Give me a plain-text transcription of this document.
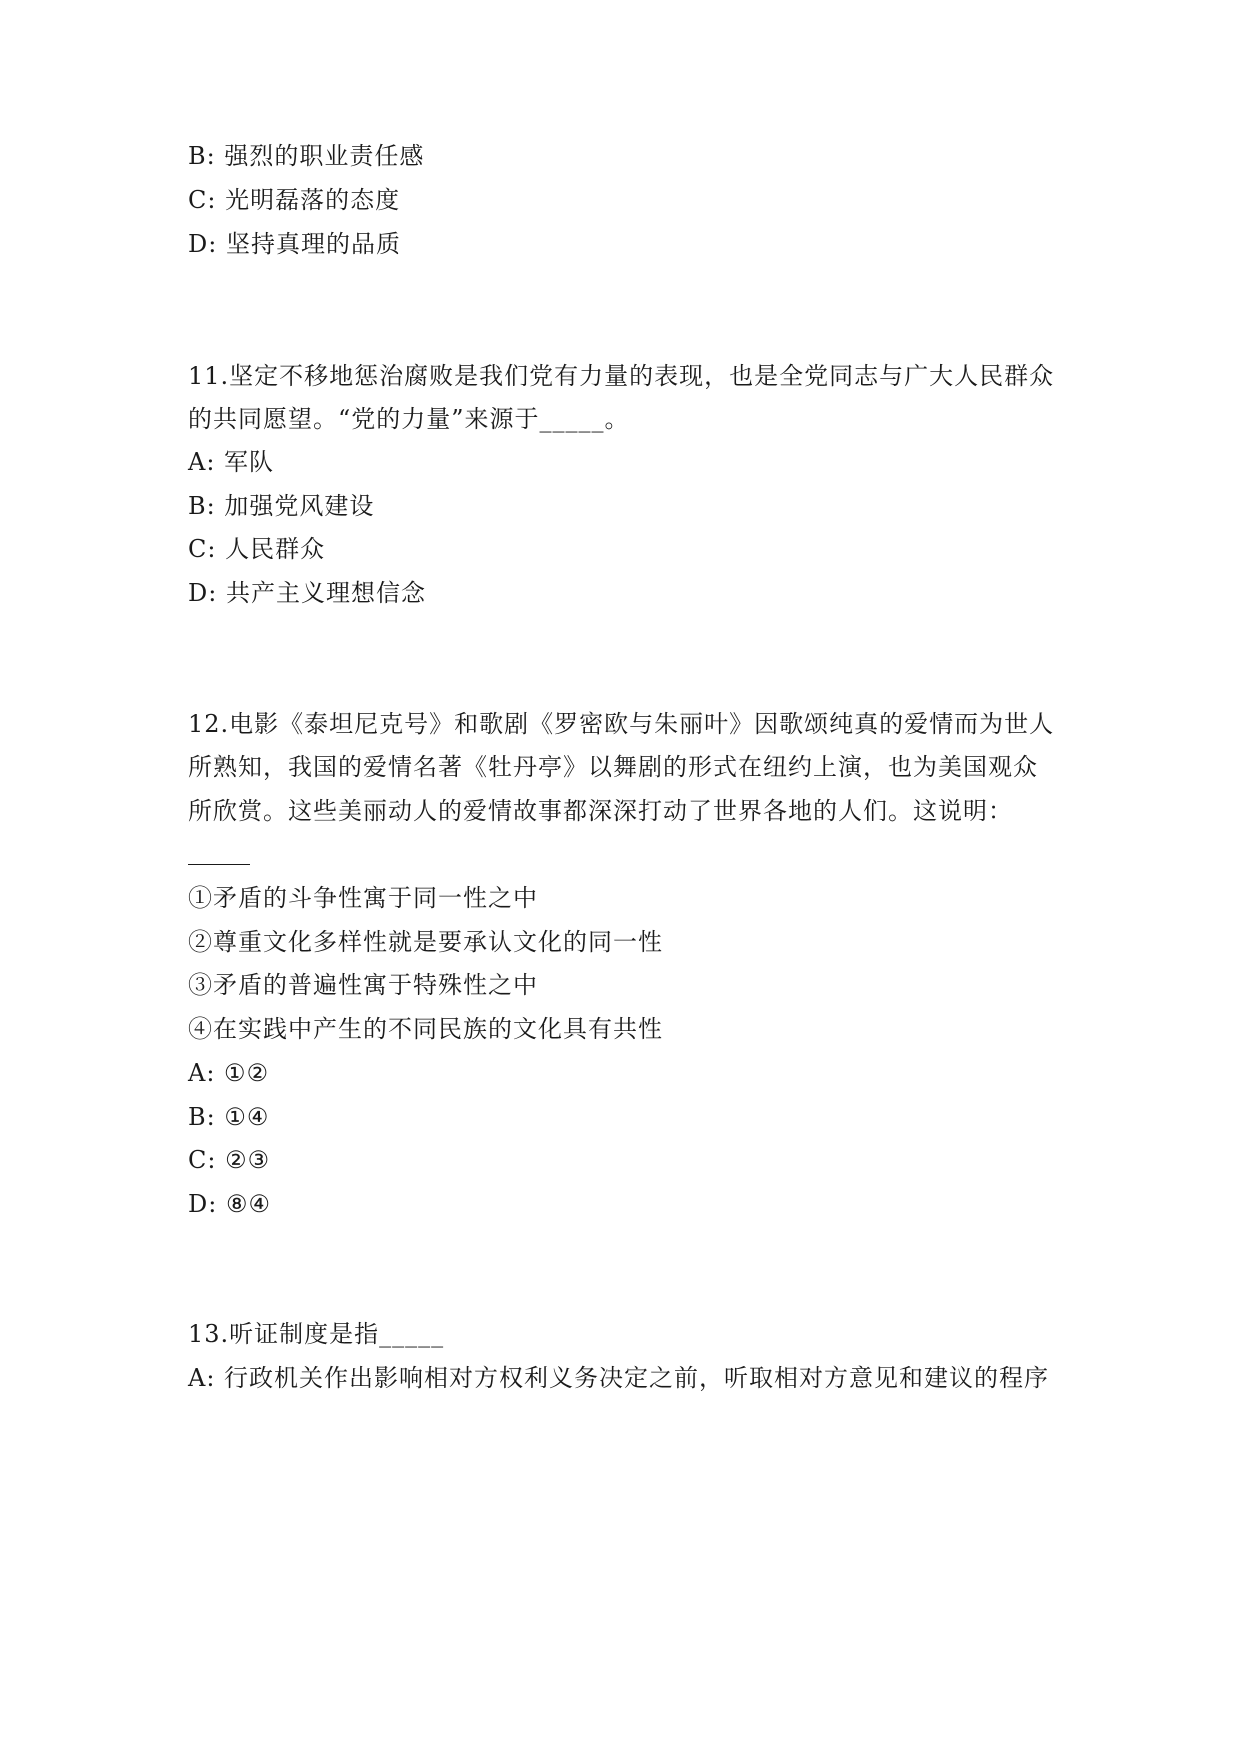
B: 强烈的职业责任感
C: 光明磊落的态度
D: 坚持真理的品质
11.坚定不移地惩治腐败是我们党有力量的表现，也是全党同志与广大人民群众
的共同愿望。“党的力量”来源于_____。
A: 军队
B: 加强党风建设
C: 人民群众
D: 共产主义理想信念
12.电影《泰坦尼克号》和歌剧《罗密欧与朱丽叶》因歌颂纯真的爱情而为世人
所熟知，我国的爱情名著《牡丹亭》以舞剧的形式在纽约上演，也为美国观众
所欣赏。这些美丽动人的爱情故事都深深打动了世界各地的人们。这说明：
①矛盾的斗争性寓于同一性之中
②尊重文化多样性就是要承认文化的同一性
③矛盾的普遍性寓于特殊性之中
④在实践中产生的不同民族的文化具有共性
A: ①②
B: ①④
C: ②③
D: ⑧④
13.听证制度是指_____
A: 行政机关作出影响相对方权利义务决定之前，听取相对方意见和建议的程序
